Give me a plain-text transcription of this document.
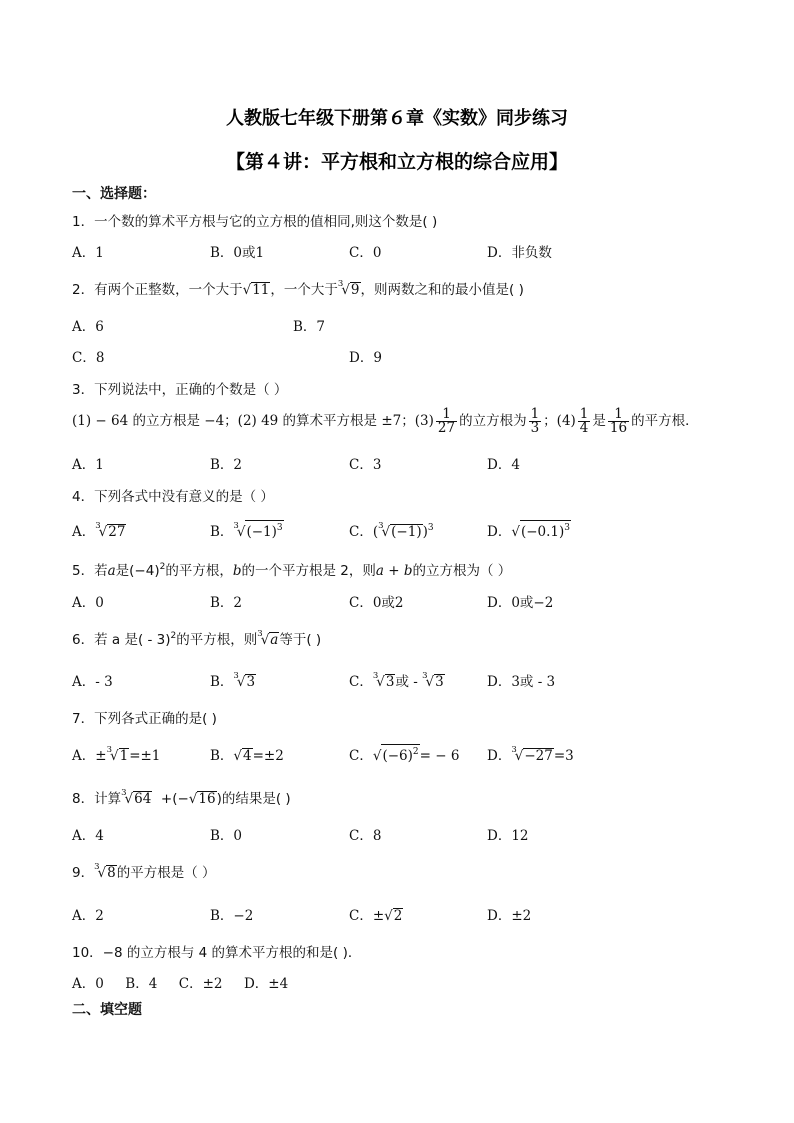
人教版七年级下册第６章《实数》同步练习
【第４讲：平方根和立方根的综合应用】
一、选择题：
1．一个数的算术平方根与它的立方根的值相同,则这个数是( )
A．1	B．0或1	C．0	D．非负数
2．有两个正整数，一个大于√11，一个大于$^3$√9，则两数之和的最小值是( )
A．6	B．7
C．8	D．9
3．下列说法中，正确的个数是（ ）
(1) − 64 的立方根是 −4；(2) 49 的算术平方根是 ±7；$(3) \frac{1}{27}$ 的立方根为 $\frac{1}{3}$ ；$(4) \frac{1}{4}$ 是 $\frac{1}{16}$ 的平方根．
A．1	B．2	C．3	D．4
4．下列各式中没有意义的是（ ）
A．$^3$√27	B．$^3√(-1)^3$	C．$(^3√(-1))^3$	D．$√(-0.1)^3$
5．若a是$(-4)^2$的平方根，b的一个平方根是 2，则a + b的立方根为（ ）
A．0	B．2	C．0或2	D．0或−2
6．若 a 是( - 3)$^2$的平方根，则$^3$√a等于( )
A．- 3	B．$^3$√3	C．$^3$√3或 - $^3$√3	D．3或 - 3
7．下列各式正确的是( )
A．±$^3$√1=±1	B．√4=±2	C．$√(-6)^2= - 6$ D．$^3$√−27=3
8．计算$^3$√64 +(−√16)的结果是( )
A．4	B．0	C．8	D．12
9．$^3$√8的平方根是（ ）
A．2	B．−2	C．±√2	D．±2
10．−8 的立方根与 4 的算术平方根的和是( )．
A．0     B．4     C．±2     D．±4
二、填空题
